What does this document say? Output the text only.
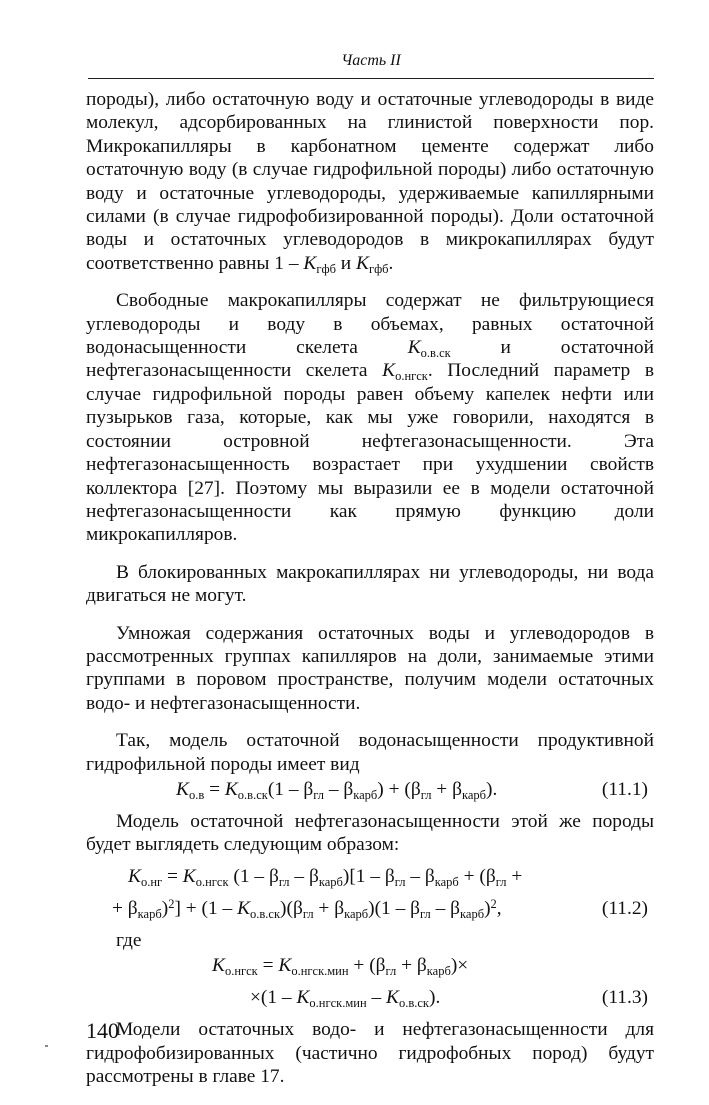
Часть II

породы), либо остаточную воду и остаточные углеводороды в виде молекул, адсорбированных на глинистой поверхности пор. Микрокапилляры в карбонатном цементе содержат либо остаточную воду (в случае гидрофильной породы) либо остаточную воду и остаточные углеводороды, удерживаемые капиллярными силами (в случае гидрофобизированной породы). Доли остаточной воды и остаточных углеводородов в микрокапиллярах будут соответственно равны $1 - K_{гфб}$ и $K_{гфб}$.

Свободные макрокапилляры содержат не фильтрующиеся углеводороды и воду в объемах, равных остаточной водонасыщенности скелета $K_{о.в.ск}$ и остаточной нефтегазонасыщенности скелета $K_{о.нгск}$. Последний параметр в случае гидрофильной породы равен объему капелек нефти или пузырьков газа, которые, как мы уже говорили, находятся в состоянии островной нефтегазонасыщенности. Эта нефтегазонасыщенность возрастает при ухудшении свойств коллектора [27]. Поэтому мы выразили ее в модели остаточной нефтегазонасыщенности как прямую функцию доли микрокапилляров.

В блокированных макрокапиллярах ни углеводороды, ни вода двигаться не могут.

Умножая содержания остаточных воды и углеводородов в рассмотренных группах капилляров на доли, занимаемые этими группами в поровом пространстве, получим модели остаточных водо- и нефтегазонасыщенности.

Так, модель остаточной водонасыщенности продуктивной гидрофильной породы имеет вид

$K_{о.в} = K_{о.в.ск}(1 - \beta_{гл} - \beta_{карб}) + (\beta_{гл} + \beta_{карб})$.	(11.1)

Модель остаточной нефтегазонасыщенности этой же породы будет выглядеть следующим образом:

$K_{о.нг} = K_{о.нгск}$ $(1 - \beta_{гл} - \beta_{карб})[1 - \beta_{гл} - \beta_{карб} + (\beta_{гл}$ +
+ $\beta_{карб})^2] + (1 - K_{о.в.ск})(\beta_{гл} + \beta_{карб})(1 - \beta_{гл} - \beta_{карб})^2$,	(11.2)

где

$K_{о.нгск} = K_{о.нгск.мин} + (\beta_{гл} + \beta_{карб})\times$
$\times(1 - K_{о.нгск.мин} - K_{о.в.ск})$.	(11.3)

Модели остаточных водо- и нефтегазонасыщенности для гидрофобизированных (частично гидрофобных пород) будут рассмотрены в главе 17.

140
